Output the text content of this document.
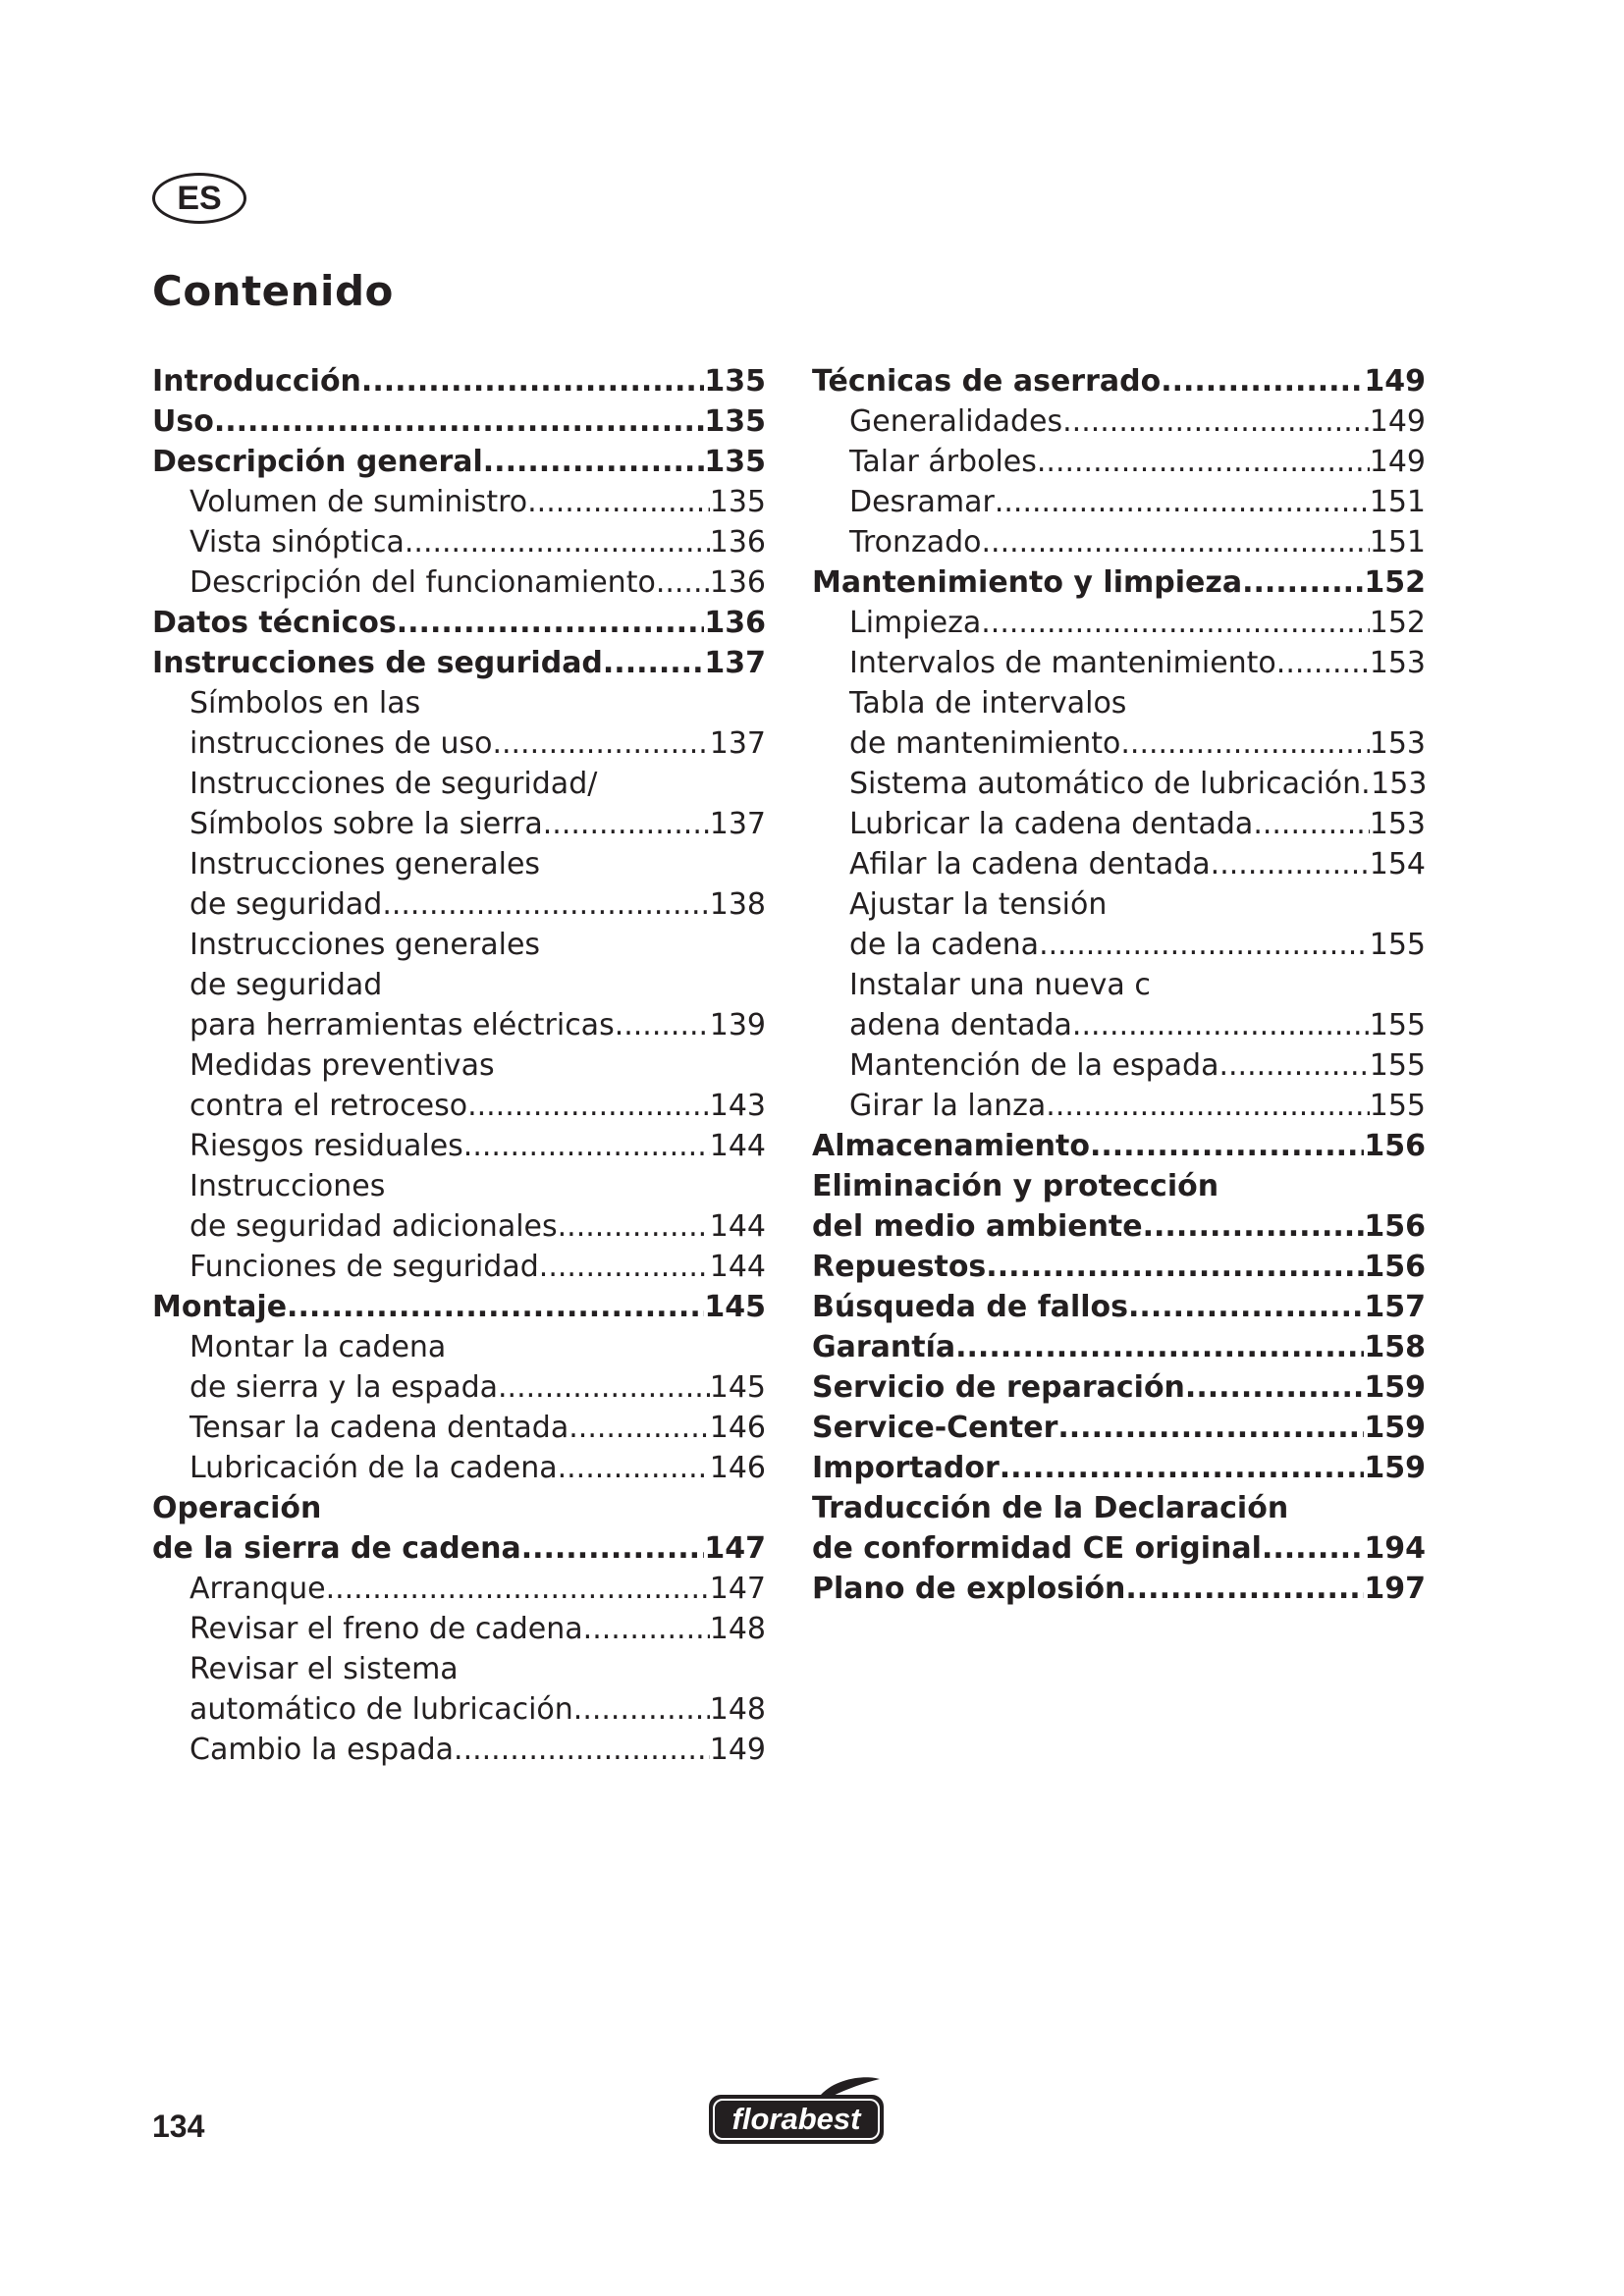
ES
Contenido
Introducción .....	135
Uso .....	135
Descripción general .....	135
Volumen de suministro .....	135
Vista sinóptica .....	136
Descripción del funcionamiento ..... 136
Datos técnicos .....	136
Instrucciones de seguridad .....	137
Símbolos en las
instrucciones de uso .....	137
Instrucciones de seguridad/
Símbolos sobre la sierra .....	137
Instrucciones generales
de seguridad .....	138
Instrucciones generales
de seguridad
para herramientas eléctricas .....	139
Medidas preventivas
contra el retroceso .....	143
Riesgos residuales .....	144
Instrucciones
de seguridad adicionales .....	144
Funciones de seguridad .....	144
Montaje .....	145
Montar la cadena
de sierra y la espada .....	145
Tensar la cadena dentada .....	146
Lubricación de la cadena .....	146
Operación
de la sierra de cadena .....	147
Arranque .....	147
Revisar el freno de cadena .....	148
Revisar el sistema
automático de lubricación .....	148
Cambio la espada .....	149
Técnicas de aserrado .....	149
Generalidades .....	149
Talar árboles .....	149
Desramar .....	151
Tronzado .....	151
Mantenimiento y limpieza .....	152
Limpieza .....	152
Intervalos de mantenimiento .....	153
Tabla de intervalos
de mantenimiento .....	153
Sistema automático de lubricación ..... 153
Lubricar la cadena dentada .....	153
Afilar la cadena dentada .....	154
Ajustar la tensión
de la cadena .....	155
Instalar una nueva c
adena dentada .....	155
Mantención de la espada .....	155
Girar la lanza .....	155
Almacenamiento .....	156
Eliminación y protección
del medio ambiente .....	156
Repuestos .....	156
Búsqueda de fallos .....	157
Garantía .....	158
Servicio de reparación .....	159
Service-Center .....	159
Importador .....	159
Traducción de la Declaración
de conformidad CE original .....	194
Plano de explosión .....	197
134	florabest
